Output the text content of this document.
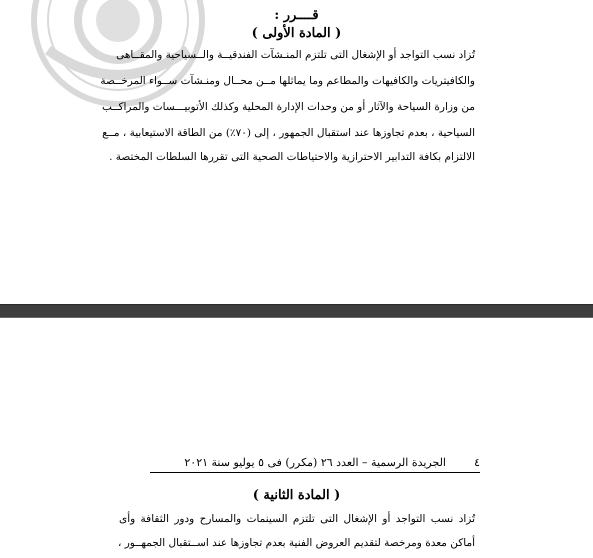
قــــرر :
( المادة الأولى )
تُزاد نسب التواجد أو الإشغال التى تلتزم المنـشآت الفندقيــة والــسياحية والمقــاهى
والكافيتريات والكافيهات والمطاعم وما يماثلها مــن محــال ومنـشآت ســواء المرخــصة
من وزارة السياحة والآثار أو من وحدات الإدارة المحلية وكذلك الأتوبيـــسات والمراكــب
السياحية ، بعدم تجاوزها عند استقبال الجمهور ، إلى (٧٠٪) من الطاقة الاستيعابية ، مــع
الالتزام بكافة التدابير الاحترازية والاحتياطات الصحية التى تقررها السلطات المختصة .
الجريدة الرسمية – العدد ٢٦ (مكرر) فى ٥ يوليو سنة ٢٠٢١	٤
( المادة الثانية )
تُزاد نسب التواجد أو الإشغال التى تلتزم السينمات والمسارح ودور الثقافة وأى
أماكن معدة ومرخصة لتقديم العروض الفنية بعدم تجاوزها عند اســتقبال الجمهــور ،
